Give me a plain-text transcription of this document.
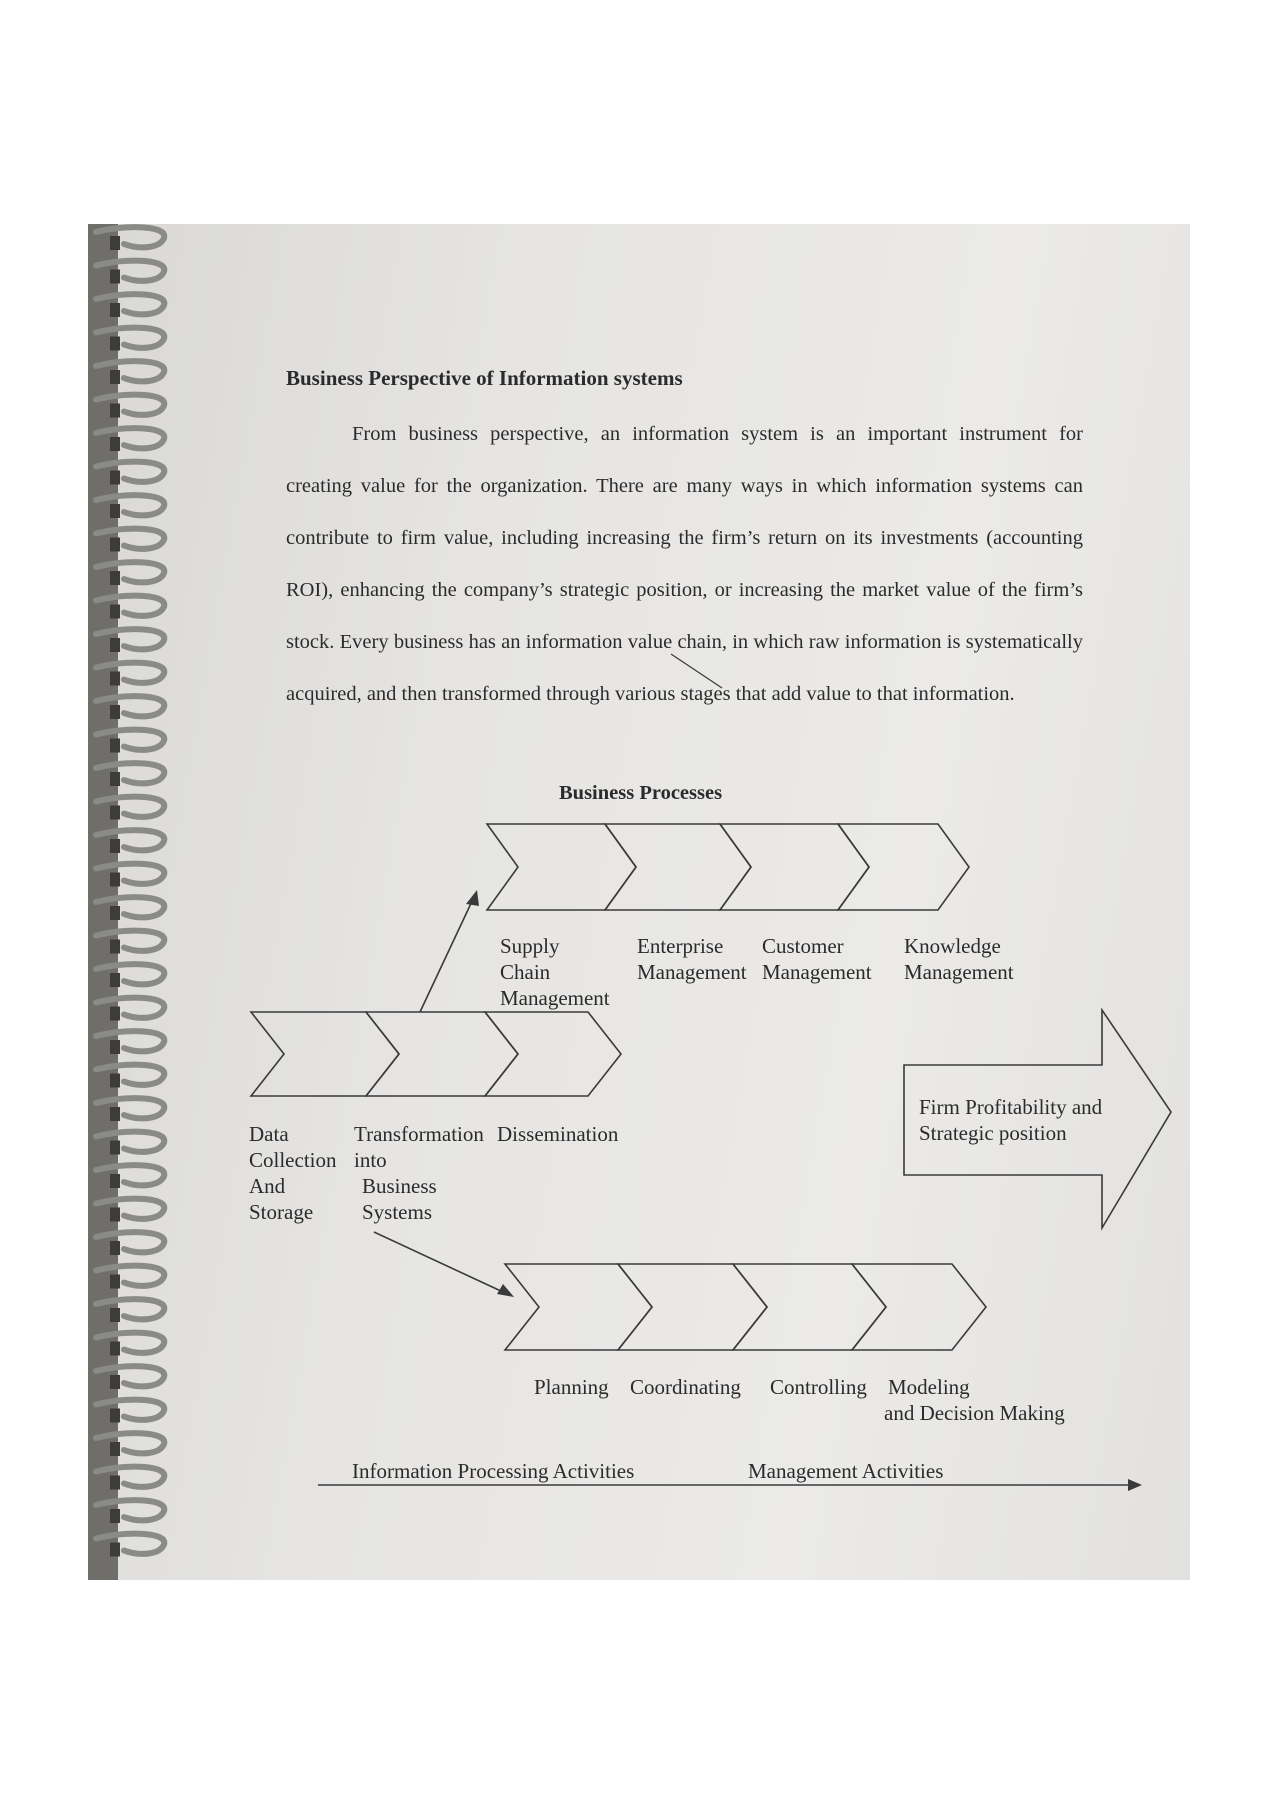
Business Perspective of Information systems

From business perspective, an information system is an important instrument for creating value for the organization. There are many ways in which information systems can contribute to firm value, including increasing the firm’s return on its investments (accounting ROI), enhancing the company’s strategic position, or increasing the market value of the firm’s stock. Every business has an information value chain, in which raw information is systematically acquired, and then transformed through various stages that add value to that information.

Business Processes
Supply
Chain
Management
Enterprise
Management
Customer
Management
Knowledge
Management
Data
Collection
And
Storage
Transformation
into
Business
Systems
Dissemination
Firm Profitability and
Strategic position
Planning Coordinating Controlling Modeling
and Decision Making
Information Processing Activities	Management Activities
